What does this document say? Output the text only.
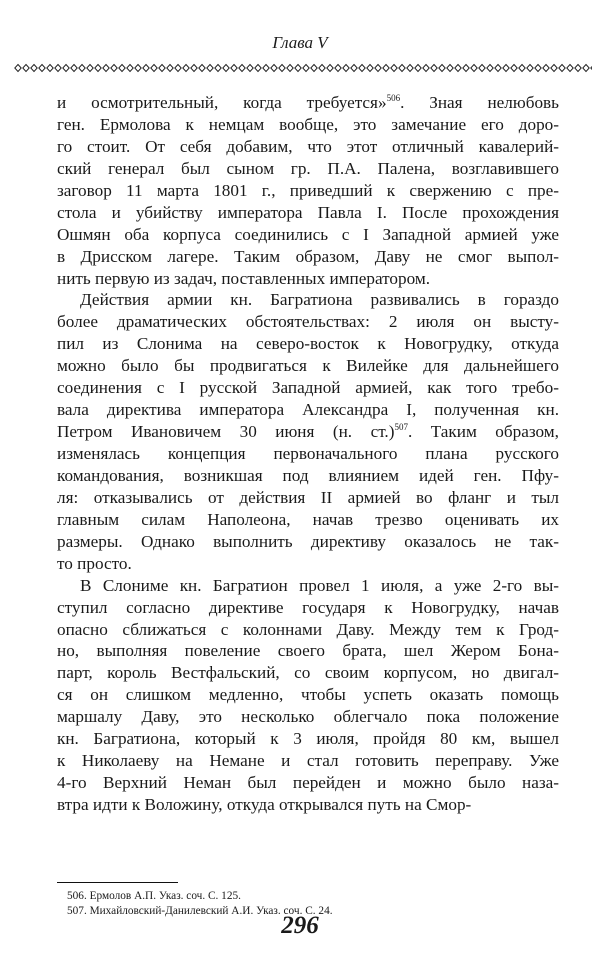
Глава V
и осмотрительный, когда требуется»$^{506}$. Зная нелюбовь
ген. Ермолова к немцам вообще, это замечание его доро-
го стоит. От себя добавим, что этот отличный кавалерий-
ский генерал был сыном гр. П.А. Палена, возглавившего
заговор 11 марта 1801 г., приведший к свержению с пре-
стола и убийству императора Павла I. После прохождения
Ошмян оба корпуса соединились с I Западной армией уже
в Дрисском лагере. Таким образом, Даву не смог выпол-
нить первую из задач, поставленных императором.
Действия армии кн. Багратиона развивались в гораздо
более драматических обстоятельствах: 2 июля он высту-
пил из Слонима на северо-восток к Новогрудку, откуда
можно было бы продвигаться к Вилейке для дальнейшего
соединения с I русской Западной армией, как того требо-
вала директива императора Александра I, полученная кн.
Петром Ивановичем 30 июня (н. ст.)$^{507}$. Таким образом,
изменялась концепция первоначального плана русского
командования, возникшая под влиянием идей ген. Пфу-
ля: отказывались от действия II армией во фланг и тыл
главным силам Наполеона, начав трезво оценивать их
размеры. Однако выполнить директиву оказалось не так-
то просто.
В Слониме кн. Багратион провел 1 июля, а уже 2-го вы-
ступил согласно директиве государя к Новогрудку, начав
опасно сближаться с колоннами Даву. Между тем к Грод-
но, выполняя повеление своего брата, шел Жером Бона-
парт, король Вестфальский, со своим корпусом, но двигал-
ся он слишком медленно, чтобы успеть оказать помощь
маршалу Даву, это несколько облегчало пока положение
кн. Багратиона, который к 3 июля, пройдя 80 км, вышел
к Николаеву на Немане и стал готовить переправу. Уже
4-го Верхний Неман был перейден и можно было наза-
втра идти к Воложину, откуда открывался путь на Смор-
506. Ермолов А.П. Указ. соч. С. 125.
507. Михайловский-Данилевский А.И. Указ. соч. С. 24.
296
